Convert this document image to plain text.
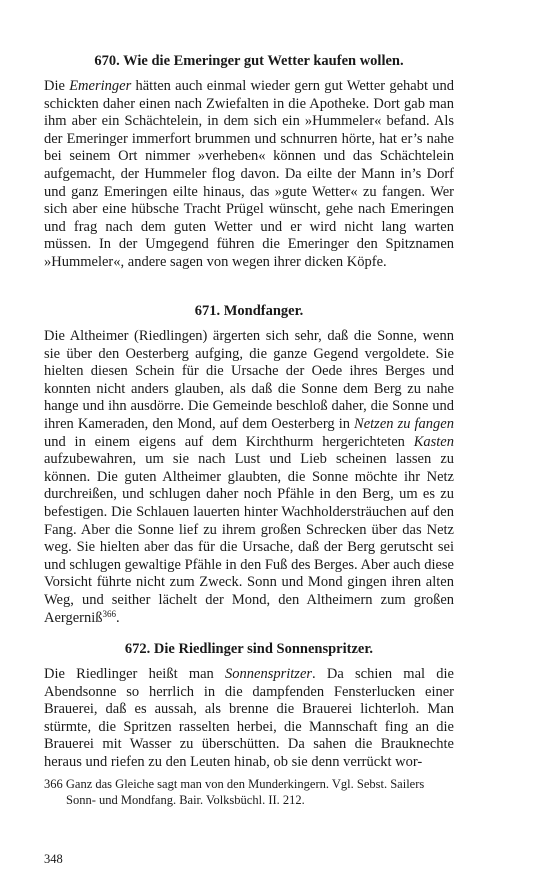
670. Wie die Emeringer gut Wetter kaufen wollen.

Die Emeringer hätten auch einmal wieder gern gut Wetter gehabt und schickten daher einen nach Zwiefalten in die Apotheke. Dort gab man ihm aber ein Schächtelein, in dem sich ein »Hummeler« befand. Als der Emeringer immerfort brummen und schnurren hörte, hat er’s nahe bei seinem Ort nimmer »verheben« können und das Schächtelein aufgemacht, der Hummeler flog davon. Da eilte der Mann in’s Dorf und ganz Emeringen eilte hinaus, das »gute Wetter« zu fangen. Wer sich aber eine hübsche Tracht Prügel wünscht, gehe nach Emeringen und frag nach dem guten Wetter und er wird nicht lang warten müssen. In der Umgegend führen die Emeringer den Spitznamen »Hummeler«, andere sagen von wegen ihrer dicken Köpfe.

671. Mondfanger.

Die Altheimer (Riedlingen) ärgerten sich sehr, daß die Sonne, wenn sie über den Oesterberg aufging, die ganze Gegend vergoldete. Sie hielten diesen Schein für die Ursache der Oede ihres Berges und konnten nicht anders glauben, als daß die Sonne dem Berg zu nahe hange und ihn ausdörre. Die Gemeinde beschloß daher, die Sonne und ihren Kameraden, den Mond, auf dem Oesterberg in Netzen zu fangen und in einem eigens auf dem Kirchthurm hergerichteten Kasten aufzubewahren, um sie nach Lust und Lieb scheinen lassen zu können. Die guten Altheimer glaubten, die Sonne möchte ihr Netz durchreißen, und schlugen daher noch Pfähle in den Berg, um es zu befestigen. Die Schlauen lauerten hinter Wachholdersträuchen auf den Fang. Aber die Sonne lief zu ihrem großen Schrecken über das Netz weg. Sie hielten aber das für die Ursache, daß der Berg gerutscht sei und schlugen gewaltige Pfähle in den Fuß des Berges. Aber auch diese Vorsicht führte nicht zum Zweck. Sonn und Mond gingen ihren alten Weg, und seither lächelt der Mond, den Altheimern zum großen Aergerniß$^{366}$.

672. Die Riedlinger sind Sonnenspritzer.

Die Riedlinger heißt man Sonnenspritzer. Da schien mal die Abendsonne so herrlich in die dampfenden Fensterlucken einer Brauerei, daß es aussah, als brenne die Brauerei lichterloh. Man stürmte, die Spritzen rasselten herbei, die Mannschaft fing an die Brauerei mit Wasser zu überschütten. Da sahen die Brauknechte heraus und riefen zu den Leuten hinab, ob sie denn verrückt wor-

366 Ganz das Gleiche sagt man von den Munderkingern. Vgl. Sebst. Sailers Sonn- und Mondfang. Bair. Volksbüchl. II. 212.

348
